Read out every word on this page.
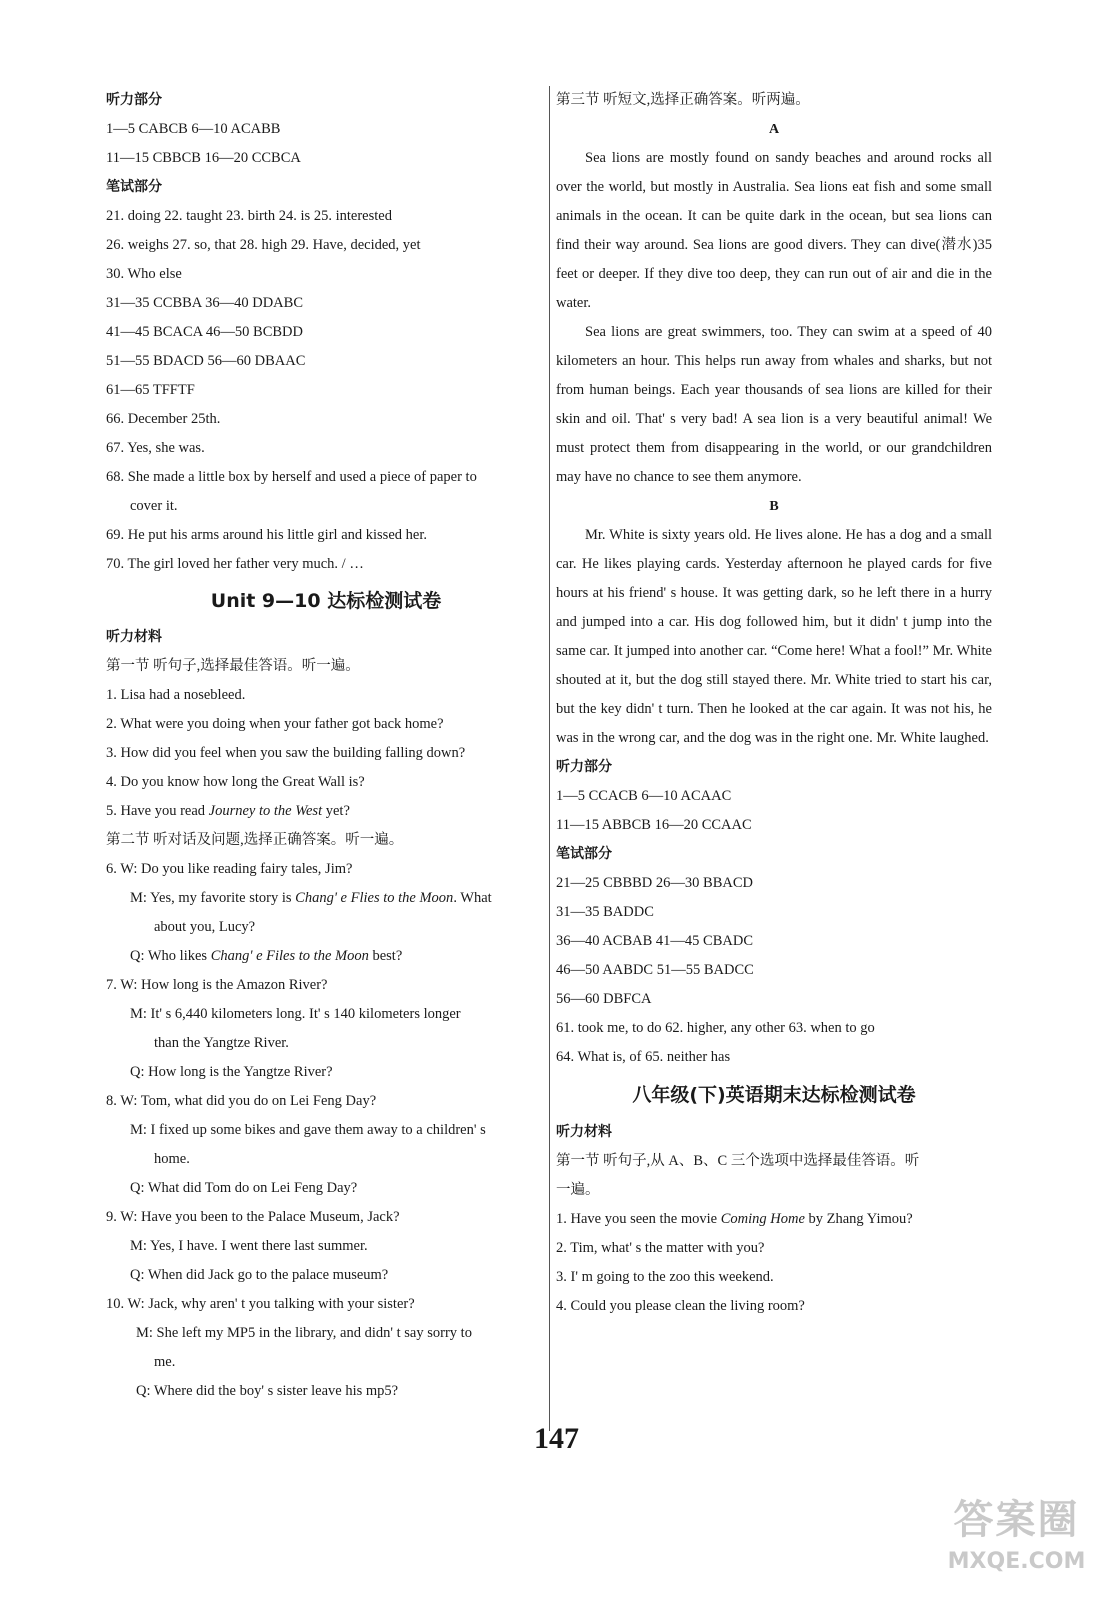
听力部分
1—5 CABCB 6—10 ACABB
11—15 CBBCB 16—20 CCBCA
笔试部分
21. doing 22. taught 23. birth 24. is 25. interested
26. weighs 27. so, that 28. high 29. Have, decided, yet
30. Who else
31—35 CCBBA 36—40 DDABC
41—45 BCACA 46—50 BCBDD
51—55 BDACD 56—60 DBAAC
61—65 TFFTF
66. December 25th.
67. Yes, she was.
68. She made a little box by herself and used a piece of paper to
cover it.
69. He put his arms around his little girl and kissed her.
70. The girl loved her father very much. / …
Unit 9—10 达标检测试卷
听力材料
第一节 听句子,选择最佳答语。听一遍。
1. Lisa had a nosebleed.
2. What were you doing when your father got back home?
3. How did you feel when you saw the building falling down?
4. Do you know how long the Great Wall is?
5. Have you read Journey to the West yet?
第二节 听对话及问题,选择正确答案。听一遍。
6. W: Do you like reading fairy tales, Jim?
M: Yes, my favorite story is Chang' e Flies to the Moon. What
about you, Lucy?
Q: Who likes Chang' e Files to the Moon best?
7. W: How long is the Amazon River?
M: It' s 6,440 kilometers long. It' s 140 kilometers longer
than the Yangtze River.
Q: How long is the Yangtze River?
8. W: Tom, what did you do on Lei Feng Day?
M: I fixed up some bikes and gave them away to a children' s
home.
Q: What did Tom do on Lei Feng Day?
9. W: Have you been to the Palace Museum, Jack?
M: Yes, I have. I went there last summer.
Q: When did Jack go to the palace museum?
10. W: Jack, why aren' t you talking with your sister?
M: She left my MP5 in the library, and didn' t say sorry to
me.
Q: Where did the boy' s sister leave his mp5?
第三节 听短文,选择正确答案。听两遍。
A

Sea lions are mostly found on sandy beaches and around rocks all over the world, but mostly in Australia. Sea lions eat fish and some small animals in the ocean. It can be quite dark in the ocean, but sea lions can find their way around. Sea lions are good divers. They can dive(潜水)35 feet or deeper. If they dive too deep, they can run out of air and die in the water.

Sea lions are great swimmers, too. They can swim at a speed of 40 kilometers an hour. This helps run away from whales and sharks, but not from human beings. Each year thousands of sea lions are killed for their skin and oil. That' s very bad! A sea lion is a very beautiful animal! We must protect them from disappearing in the world, or our grandchildren may have no chance to see them anymore.

B

Mr. White is sixty years old. He lives alone. He has a dog and a small car. He likes playing cards. Yesterday afternoon he played cards for five hours at his friend' s house. It was getting dark, so he left there in a hurry and jumped into a car. His dog followed him, but it didn' t jump into the same car. It jumped into another car. “Come here! What a fool!” Mr. White shouted at it, but the dog still stayed there. Mr. White tried to start his car, but the key didn' t turn. Then he looked at the car again. It was not his, he was in the wrong car, and the dog was in the right one. Mr. White laughed.

听力部分
1—5 CCACB 6—10 ACAAC
11—15 ABBCB 16—20 CCAAC
笔试部分
21—25 CBBBD 26—30 BBACD
31—35 BADDC
36—40 ACBAB 41—45 CBADC
46—50 AABDC 51—55 BADCC
56—60 DBFCA
61. took me, to do 62. higher, any other 63. when to go
64. What is, of 65. neither has
八年级(下)英语期末达标检测试卷
听力材料
第一节 听句子,从 A、B、C 三个选项中选择最佳答语。听
一遍。
1. Have you seen the movie Coming Home by Zhang Yimou?
2. Tim, what' s the matter with you?
3. I' m going to the zoo this weekend.
4. Could you please clean the living room?
147
答案圈
MXQE.COM
